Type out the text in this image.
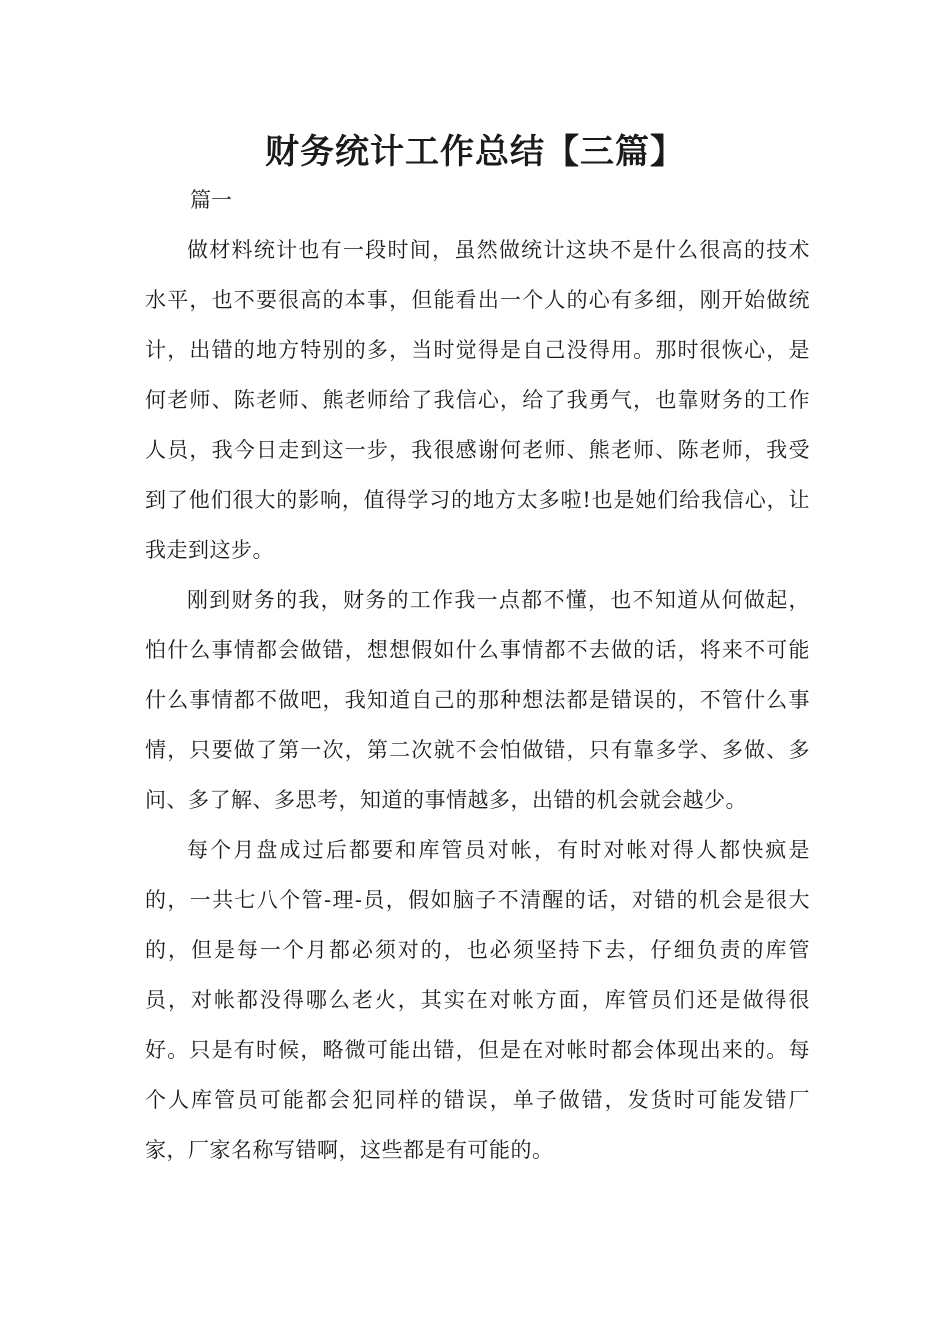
财务统计工作总结【三篇】

篇一

做材料统计也有一段时间，虽然做统计这块不是什么很高的技术水平，也不要很高的本事，但能看出一个人的心有多细，刚开始做统计，出错的地方特别的多，当时觉得是自己没得用。那时很恢心，是何老师、陈老师、熊老师给了我信心，给了我勇气，也靠财务的工作人员，我今日走到这一步，我很感谢何老师、熊老师、陈老师，我受到了他们很大的影响，值得学习的地方太多啦!也是她们给我信心，让我走到这步。

刚到财务的我，财务的工作我一点都不懂，也不知道从何做起，怕什么事情都会做错，想想假如什么事情都不去做的话，将来不可能什么事情都不做吧，我知道自己的那种想法都是错误的，不管什么事情，只要做了第一次，第二次就不会怕做错，只有靠多学、多做、多问、多了解、多思考，知道的事情越多，出错的机会就会越少。

每个月盘成过后都要和库管员对帐，有时对帐对得人都快疯是的，一共七八个管-理-员，假如脑子不清醒的话，对错的机会是很大的，但是每一个月都必须对的，也必须坚持下去，仔细负责的库管员，对帐都没得哪么老火，其实在对帐方面，库管员们还是做得很好。只是有时候，略微可能出错，但是在对帐时都会体现出来的。每个人库管员可能都会犯同样的错误，单子做错，发货时可能发错厂家，厂家名称写错啊，这些都是有可能的。
